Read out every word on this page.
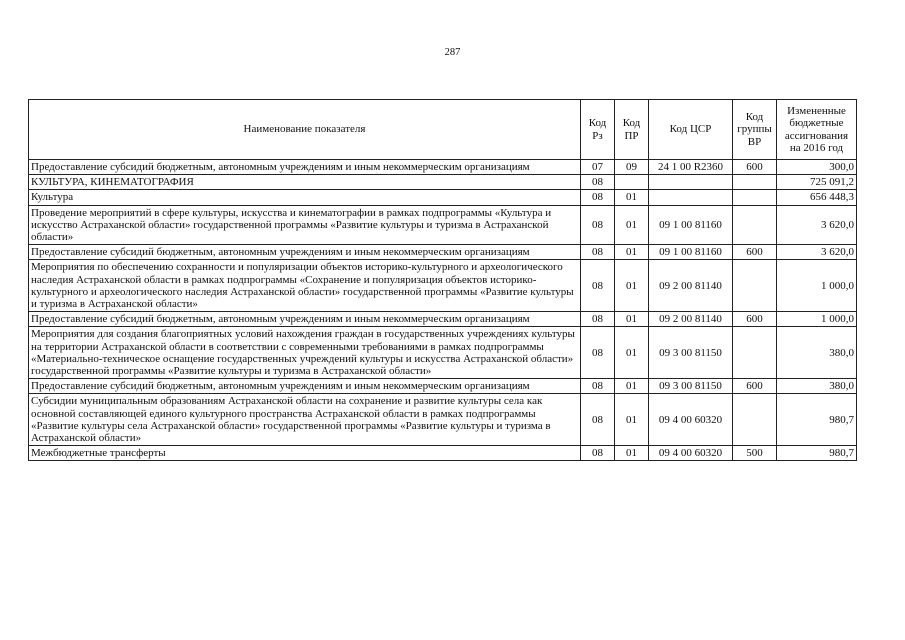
287
Наименование показателя	Код Рз	Код ПР	Код ЦСР	Код группы ВР	Измененные бюджетные ассигнования на 2016 год
Предоставление субсидий бюджетным, автономным учреждениям и иным некоммерческим организациям	07	09	24 1 00 R2360	600	300,0
КУЛЬТУРА, КИНЕМАТОГРАФИЯ	08				725 091,2
Культура	08	01			656 448,3
Проведение мероприятий в сфере культуры, искусства и кинематографии в рамках подпрограммы «Культура и искусство Астраханской области» государственной программы «Развитие культуры и туризма в Астраханской области»	08	01	09 1 00 81160		3 620,0
Предоставление субсидий бюджетным, автономным учреждениям и иным некоммерческим организациям	08	01	09 1 00 81160	600	3 620,0
Мероприятия по обеспечению сохранности и популяризации объектов историко-культурного и археологического наследия Астраханской области в рамках подпрограммы «Сохранение и популяризация объектов историко-культурного и археологического наследия Астраханской области» государственной программы «Развитие культуры и туризма в Астраханской области»	08	01	09 2 00 81140		1 000,0
Предоставление субсидий бюджетным, автономным учреждениям и иным некоммерческим организациям	08	01	09 2 00 81140	600	1 000,0
Мероприятия для создания благоприятных условий нахождения граждан в государственных учреждениях культуры на территории Астраханской области в соответствии с современными требованиями в рамках подпрограммы «Материально-техническое оснащение государственных учреждений культуры и искусства Астраханской области» государственной программы «Развитие культуры и туризма в Астраханской области»	08	01	09 3 00 81150		380,0
Предоставление субсидий бюджетным, автономным учреждениям и иным некоммерческим организациям	08	01	09 3 00 81150	600	380,0
Субсидии муниципальным образованиям Астраханской области на сохранение и развитие культуры села как основной составляющей единого культурного пространства Астраханской области в рамках подпрограммы «Развитие культуры села Астраханской области» государственной программы «Развитие культуры и туризма в Астраханской области»	08	01	09 4 00 60320		980,7
Межбюджетные трансферты	08	01	09 4 00 60320	500	980,7
